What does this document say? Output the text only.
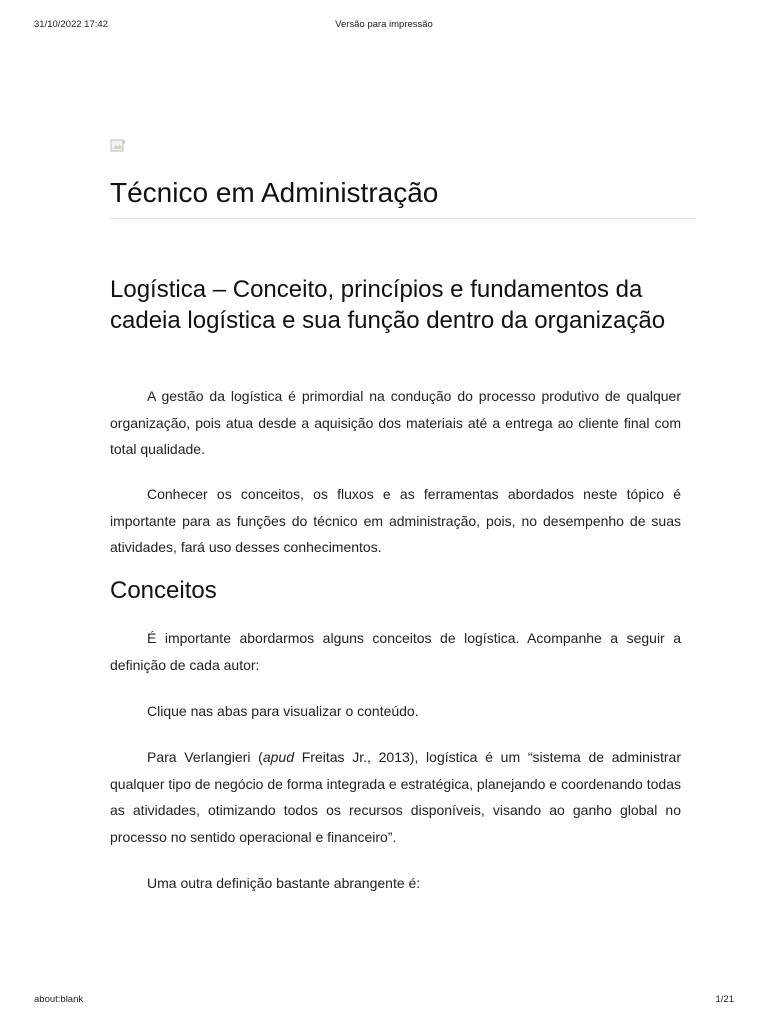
31/10/2022 17:42	Versão para impressão
Técnico em Administração
Logística – Conceito, princípios e fundamentos da cadeia logística e sua função dentro da organização

A gestão da logística é primordial na condução do processo produtivo de qualquer organização, pois atua desde a aquisição dos materiais até a entrega ao cliente final com total qualidade.

Conhecer os conceitos, os fluxos e as ferramentas abordados neste tópico é importante para as funções do técnico em administração, pois, no desempenho de suas atividades, fará uso desses conhecimentos.

Conceitos

É importante abordarmos alguns conceitos de logística. Acompanhe a seguir a definição de cada autor:

Clique nas abas para visualizar o conteúdo.

Para Verlangieri (apud Freitas Jr., 2013), logística é um “sistema de administrar qualquer tipo de negócio de forma integrada e estratégica, planejando e coordenando todas as atividades, otimizando todos os recursos disponíveis, visando ao ganho global no processo no sentido operacional e financeiro”.

Uma outra definição bastante abrangente é:

about:blank	1/21
